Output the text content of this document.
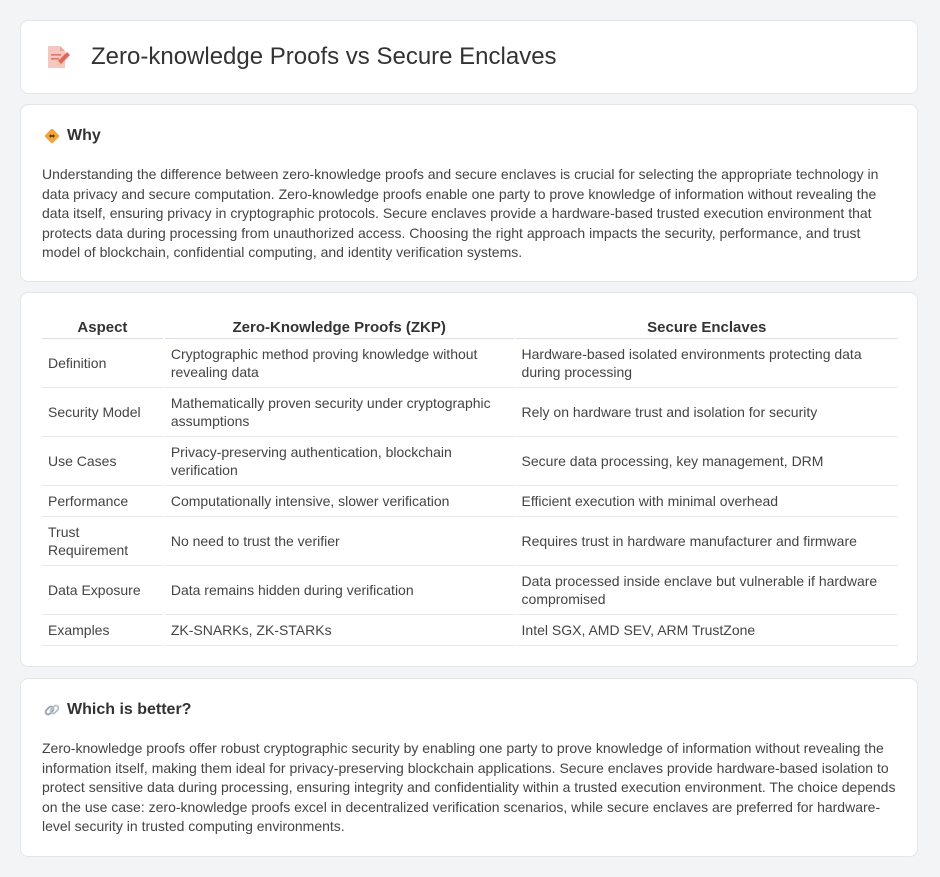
Zero-knowledge Proofs vs Secure Enclaves
Why

Understanding the difference between zero-knowledge proofs and secure enclaves is crucial for selecting the appropriate technology in data privacy and secure computation. Zero-knowledge proofs enable one party to prove knowledge of information without revealing the data itself, ensuring privacy in cryptographic protocols. Secure enclaves provide a hardware-based trusted execution environment that protects data during processing from unauthorized access. Choosing the right approach impacts the security, performance, and trust model of blockchain, confidential computing, and identity verification systems.

Aspect	Zero-Knowledge Proofs (ZKP)	Secure Enclaves
Definition	Cryptographic method proving knowledge without revealing data	Hardware-based isolated environments protecting data during processing
Security Model	Mathematically proven security under cryptographic assumptions	Rely on hardware trust and isolation for security
Use Cases	Privacy-preserving authentication, blockchain verification	Secure data processing, key management, DRM
Performance	Computationally intensive, slower verification	Efficient execution with minimal overhead
Trust Requirement	No need to trust the verifier	Requires trust in hardware manufacturer and firmware
Data Exposure	Data remains hidden during verification	Data processed inside enclave but vulnerable if hardware compromised
Examples	ZK-SNARKs, ZK-STARKs	Intel SGX, AMD SEV, ARM TrustZone
Which is better?

Zero-knowledge proofs offer robust cryptographic security by enabling one party to prove knowledge of information without revealing the information itself, making them ideal for privacy-preserving blockchain applications. Secure enclaves provide hardware-based isolation to protect sensitive data during processing, ensuring integrity and confidentiality within a trusted execution environment. The choice depends on the use case: zero-knowledge proofs excel in decentralized verification scenarios, while secure enclaves are preferred for hardware-level security in trusted computing environments.
